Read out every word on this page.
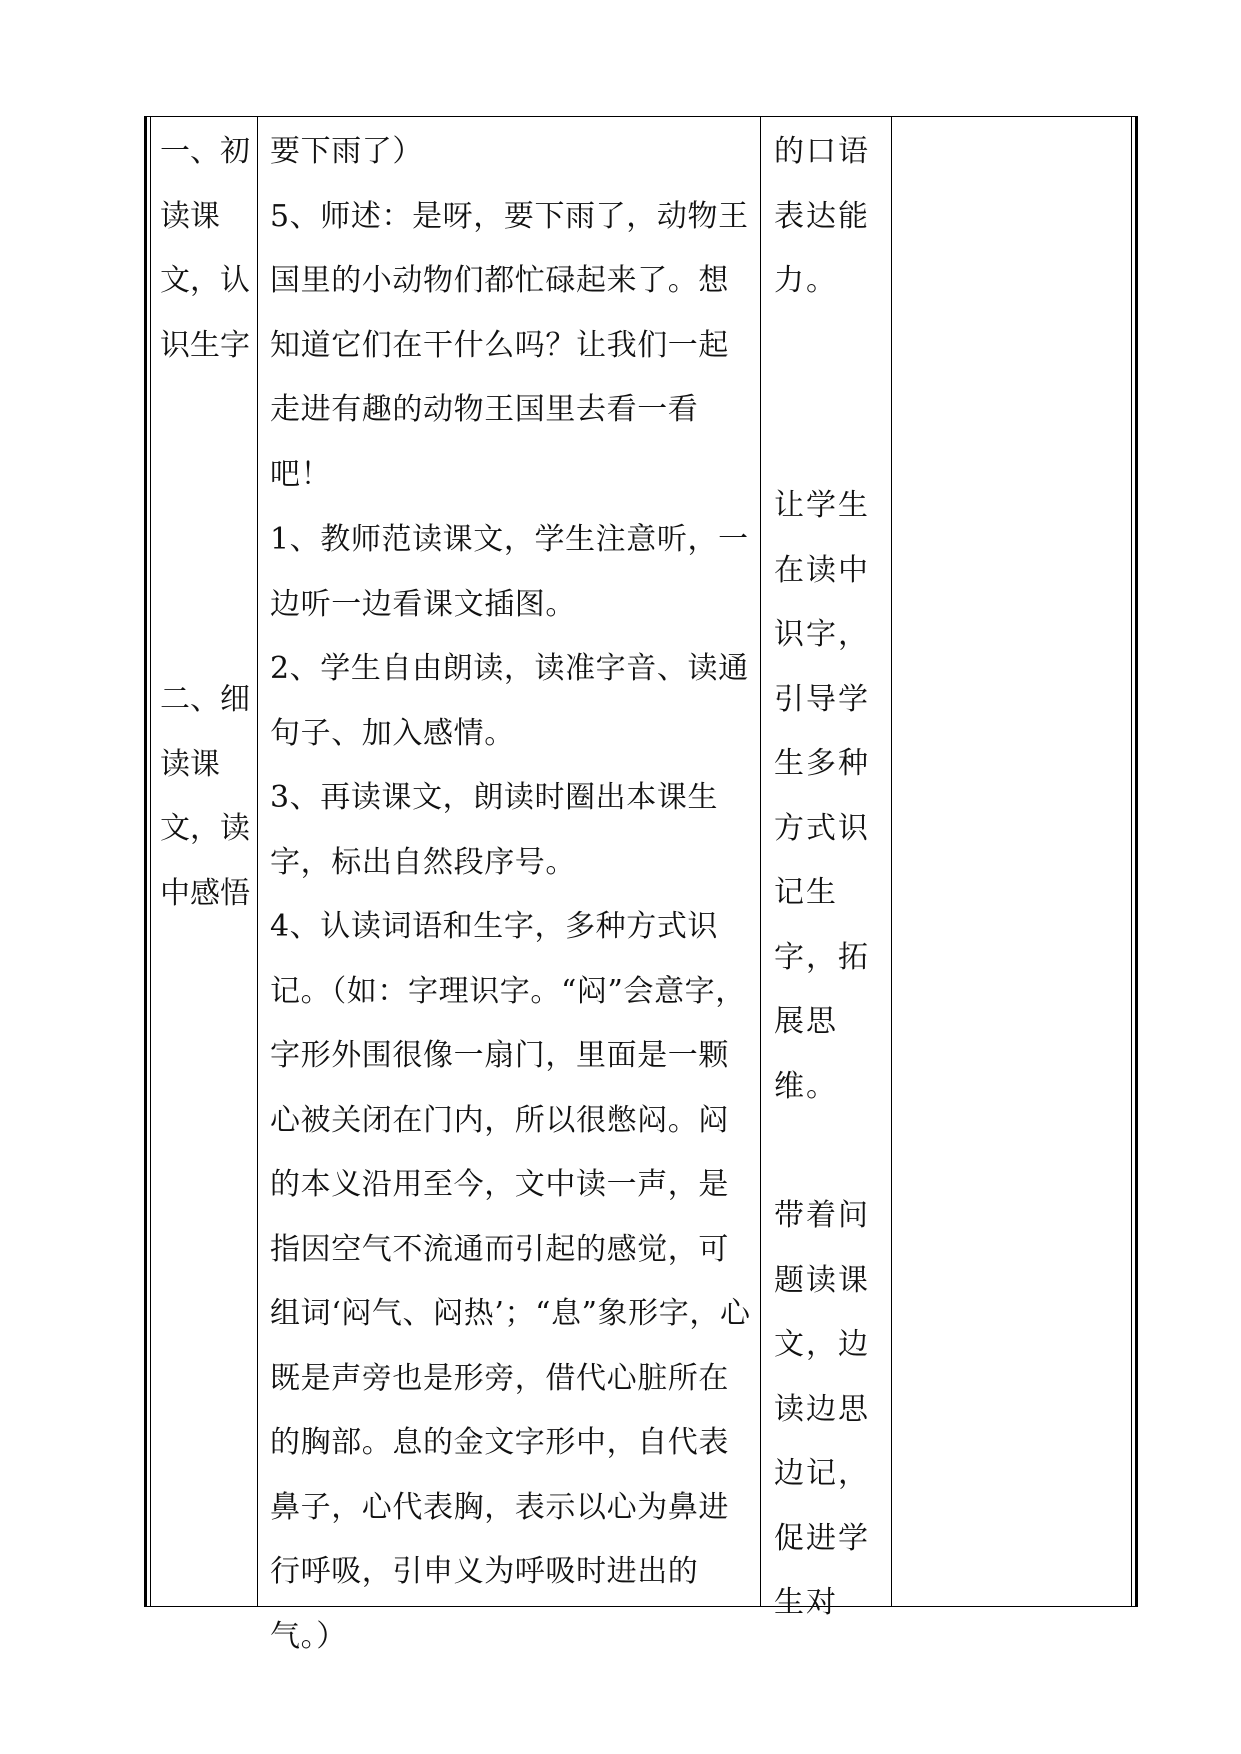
一、初读课文，认识生字
二、细读课文，读中感悟
要下雨了）
5、师述：是呀，要下雨了，动物王国里的小动物们都忙碌起来了。想知道它们在干什么吗？让我们一起走进有趣的动物王国里去看一看吧！
1、教师范读课文，学生注意听，一边听一边看课文插图。
2、学生自由朗读，读准字音、读通句子、加入感情。
3、再读课文，朗读时圈出本课生字，标出自然段序号。
4、认读词语和生字，多种方式识记。（如：字理识字。“闷”会意字，字形外围很像一扇门，里面是一颗心被关闭在门内，所以很憋闷。闷的本义沿用至今，文中读一声，是指因空气不流通而引起的感觉，可组词‘闷气、闷热’；“息”象形字，心既是声旁也是形旁，借代心脏所在的胸部。息的金文字形中，自代表鼻子，心代表胸，表示以心为鼻进行呼吸，引申义为呼吸时进出的气。）
的口语表达能力。
让学生在读中识字，引导学生多种方式识记生字，拓展思维。
带着问题读课文，边读边思边记，促进学生对
